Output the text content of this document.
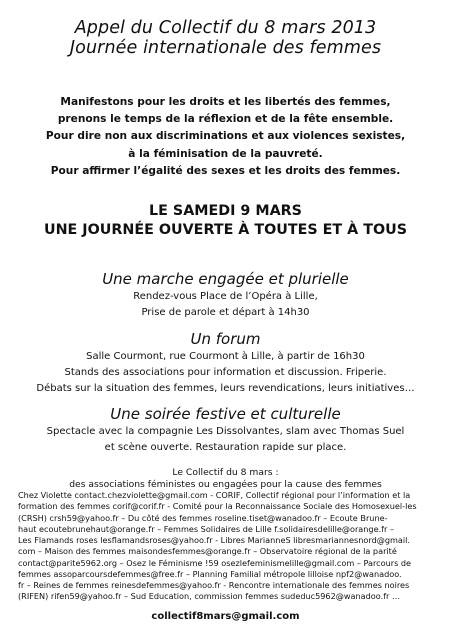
Appel du Collectif du 8 mars 2013
Journée internationale des femmes
Manifestons pour les droits et les libertés des femmes,
prenons le temps de la réflexion et de la fête ensemble.
Pour dire non aux discriminations et aux violences sexistes,
à la féminisation de la pauvreté.
Pour affirmer l’égalité des sexes et les droits des femmes.
LE SAMEDI 9 MARS
UNE JOURNÉE OUVERTE À TOUTES ET À TOUS
Une marche engagée et plurielle
Rendez-vous Place de l’Opéra à Lille,
Prise de parole et départ à 14h30
Un forum
Salle Courmont, rue Courmont à Lille, à partir de 16h30
Stands des associations pour information et discussion. Friperie.
Débats sur la situation des femmes, leurs revendications, leurs initiatives…
Une soirée festive et culturelle
Spectacle avec la compagnie Les Dissolvantes, slam avec Thomas Suel
et scène ouverte. Restauration rapide sur place.
Le Collectif du 8 mars :
des associations féministes ou engagées pour la cause des femmes
Chez Violette contact.chezviolette@gmail.com - CORIF, Collectif régional pour l’information et la
formation des femmes corif@corif.fr - Comité pour la Reconnaissance Sociale des Homosexuel-les
(CRSH) crsh59@yahoo.fr – Du côté des femmes roseline.tiset@wanadoo.fr – Ecoute Brune-
haut ecoutebrunehaut@orange.fr – Femmes Solidaires de Lille f.solidairesdelille@orange.fr –
Les Flamands roses lesflamandsroses@yahoo.fr - Libres MarianneS libresmariannesnord@gmail.
com – Maison des femmes maisondesfemmes@orange.fr – Observatoire régional de la parité
contact@parite5962.org – Osez le Féminisme !59 osezlefeminismelille@gmail.com – Parcours de
femmes assoparcoursdefemmes@free.fr – Planning Familial métropole lilloise npf2@wanadoo.
fr – Reines de femmes reinesdefemmes@yahoo.fr - Rencontre internationale des femmes noires
(RIFEN) rifen59@yahoo.fr – Sud Education, commission femmes sudeduc5962@wanadoo.fr …
collectif8mars@gmail.com
